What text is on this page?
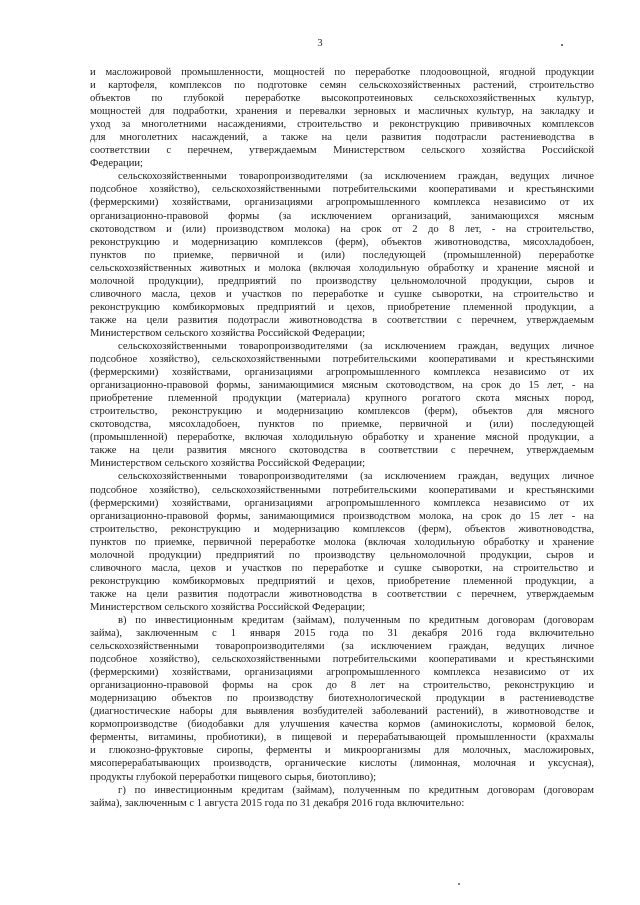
3
и масложировой промышленности, мощностей по переработке плодоовощной, ягодной продукции
и картофеля, комплексов по подготовке семян сельскохозяйственных растений, строительство
объектов по глубокой переработке высокопротеиновых сельскохозяйственных культур,
мощностей для подработки, хранения и перевалки зерновых и масличных культур, на закладку и
уход за многолетними насаждениями, строительство и реконструкцию прививочных комплексов
для многолетних насаждений, а также на цели развития подотрасли растениеводства в
соответствии с перечнем, утверждаемым Министерством сельского хозяйства Российской
Федерации;
сельскохозяйственными товаропроизводителями (за исключением граждан, ведущих личное
подсобное хозяйство), сельскохозяйственными потребительскими кооперативами и крестьянскими
(фермерскими) хозяйствами, организациями агропромышленного комплекса независимо от их
организационно-правовой формы (за исключением организаций, занимающихся мясным
скотоводством и (или) производством молока) на срок от 2 до 8 лет, - на строительство,
реконструкцию и модернизацию комплексов (ферм), объектов животноводства, мясохладобоен,
пунктов по приемке, первичной и (или) последующей (промышленной) переработке
сельскохозяйственных животных и молока (включая холодильную обработку и хранение мясной и
молочной продукции), предприятий по производству цельномолочной продукции, сыров и
сливочного масла, цехов и участков по переработке и сушке сыворотки, на строительство и
реконструкцию комбикормовых предприятий и цехов, приобретение племенной продукции, а
также на цели развития подотрасли животноводства в соответствии с перечнем, утверждаемым
Министерством сельского хозяйства Российской Федерации;
сельскохозяйственными товаропроизводителями (за исключением граждан, ведущих личное
подсобное хозяйство), сельскохозяйственными потребительскими кооперативами и крестьянскими
(фермерскими) хозяйствами, организациями агропромышленного комплекса независимо от их
организационно-правовой формы, занимающимися мясным скотоводством, на срок до 15 лет, - на
приобретение племенной продукции (материала) крупного рогатого скота мясных пород,
строительство, реконструкцию и модернизацию комплексов (ферм), объектов для мясного
скотоводства, мясохладобоен, пунктов по приемке, первичной и (или) последующей
(промышленной) переработке, включая холодильную обработку и хранение мясной продукции, а
также на цели развития мясного скотоводства в соответствии с перечнем, утверждаемым
Министерством сельского хозяйства Российской Федерации;
сельскохозяйственными товаропроизводителями (за исключением граждан, ведущих личное
подсобное хозяйство), сельскохозяйственными потребительскими кооперативами и крестьянскими
(фермерскими) хозяйствами, организациями агропромышленного комплекса независимо от их
организационно-правовой формы, занимающимися производством молока, на срок до 15 лет - на
строительство, реконструкцию и модернизацию комплексов (ферм), объектов животноводства,
пунктов по приемке, первичной переработке молока (включая холодильную обработку и хранение
молочной продукции) предприятий по производству цельномолочной продукции, сыров и
сливочного масла, цехов и участков по переработке и сушке сыворотки, на строительство и
реконструкцию комбикормовых предприятий и цехов, приобретение племенной продукции, а
также на цели развития подотрасли животноводства в соответствии с перечнем, утверждаемым
Министерством сельского хозяйства Российской Федерации;
в) по инвестиционным кредитам (займам), полученным по кредитным договорам (договорам
займа), заключенным с 1 января 2015 года по 31 декабря 2016 года включительно
сельскохозяйственными товаропроизводителями (за исключением граждан, ведущих личное
подсобное хозяйство), сельскохозяйственными потребительскими кооперативами и крестьянскими
(фермерскими) хозяйствами, организациями агропромышленного комплекса независимо от их
организационно-правовой формы на срок до 8 лет на строительство, реконструкцию и
модернизацию объектов по производству биотехнологической продукции в растениеводстве
(диагностические наборы для выявления возбудителей заболеваний растений), в животноводстве и
кормопроизводстве (биодобавки для улучшения качества кормов (аминокислоты, кормовой белок,
ферменты, витамины, пробиотики), в пищевой и перерабатывающей промышленности (крахмалы
и глюкозно-фруктовые сиропы, ферменты и микроорганизмы для молочных, масложировых,
мясоперерабатывающих производств, органические кислоты (лимонная, молочная и уксусная),
продукты глубокой переработки пищевого сырья, биотопливо);
г) по инвестиционным кредитам (займам), полученным по кредитным договорам (договорам
займа), заключенным с 1 августа 2015 года по 31 декабря 2016 года включительно:
